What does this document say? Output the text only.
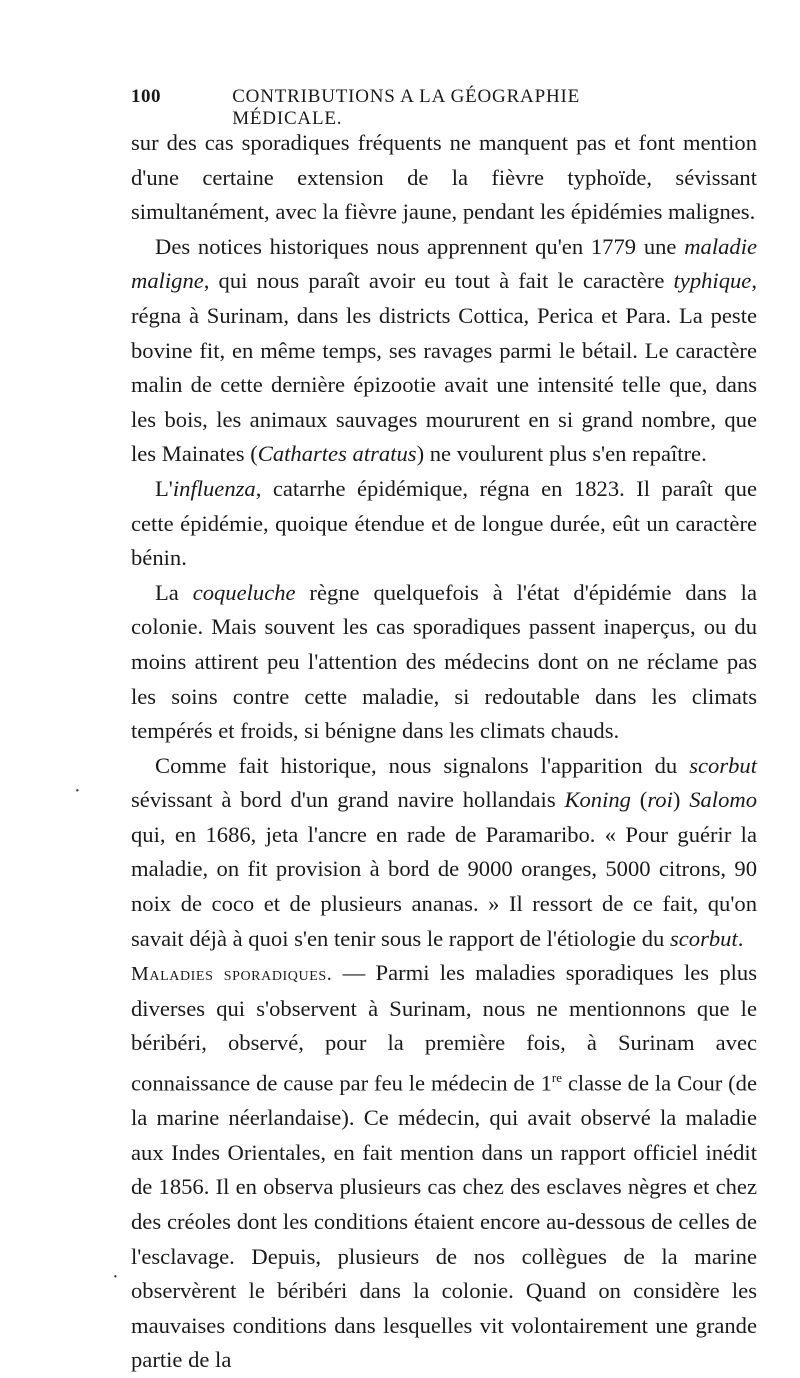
100	CONTRIBUTIONS A LA GÉOGRAPHIE MÉDICALE.

sur des cas sporadiques fréquents ne manquent pas et font mention d'une certaine extension de la fièvre typhoïde, sévissant simultanément, avec la fièvre jaune, pendant les épidémies malignes.

Des notices historiques nous apprennent qu'en 1779 une maladie maligne, qui nous paraît avoir eu tout à fait le caractère typhique, régna à Surinam, dans les districts Cottica, Perica et Para. La peste bovine fit, en même temps, ses ravages parmi le bétail. Le caractère malin de cette dernière épizootie avait une intensité telle que, dans les bois, les animaux sauvages moururent en si grand nombre, que les Mainates (Cathartes atratus) ne voulurent plus s'en repaître.

L'influenza, catarrhe épidémique, régna en 1823. Il paraît que cette épidémie, quoique étendue et de longue durée, eût un caractère bénin.

La coqueluche règne quelquefois à l'état d'épidémie dans la colonie. Mais souvent les cas sporadiques passent inaperçus, ou du moins attirent peu l'attention des médecins dont on ne réclame pas les soins contre cette maladie, si redoutable dans les climats tempérés et froids, si bénigne dans les climats chauds.

Comme fait historique, nous signalons l'apparition du scorbut sévissant à bord d'un grand navire hollandais Koning (roi) Salomo qui, en 1686, jeta l'ancre en rade de Paramaribo. « Pour guérir la maladie, on fit provision à bord de 9000 oranges, 5000 citrons, 90 noix de coco et de plusieurs ananas. » Il ressort de ce fait, qu'on savait déjà à quoi s'en tenir sous le rapport de l'étiologie du scorbut.

Maladies sporadiques. — Parmi les maladies sporadiques les plus diverses qui s'observent à Surinam, nous ne mentionnons que le béribéri, observé, pour la première fois, à Surinam avec connaissance de cause par feu le médecin de 1re classe de la Cour (de la marine néerlandaise). Ce médecin, qui avait observé la maladie aux Indes Orientales, en fait mention dans un rapport officiel inédit de 1856. Il en observa plusieurs cas chez des esclaves nègres et chez des créoles dont les conditions étaient encore au-dessous de celles de l'esclavage. Depuis, plusieurs de nos collègues de la marine observèrent le béribéri dans la colonie. Quand on considère les mauvaises conditions dans lesquelles vit volontairement une grande partie de la

·
·
